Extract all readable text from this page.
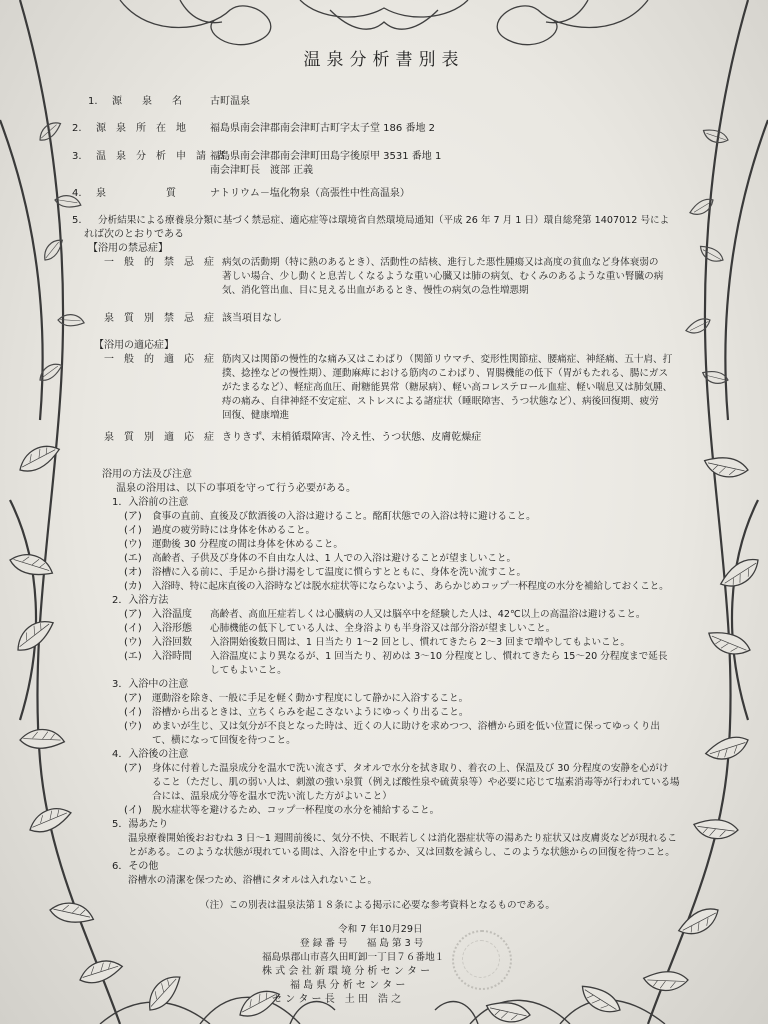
温泉分析書別表
1. 源　　泉　　名	古町温泉
2. 源　泉　所　在　地 福島県南会津郡南会津町古町字太子堂 186 番地 2
3. 温　泉　分　析　申　請　者
福島県南会津郡南会津町田島字後原甲 3531 番地 1
南会津町長　渡部 正義
4. 泉　　　　　　質	ナトリウム－塩化物泉（高張性中性高温泉）
5. 分析結果による療養泉分類に基づく禁忌症、適応症等は環境省自然環境局通知（平成 26 年 7 月 1 日）環自総発第 1407012 号によ
れば次のとおりである
【浴用の禁忌症】
一　般　的　禁　忌　症 病気の活動期（特に熱のあるとき）、活動性の結核、進行した悪性腫瘍又は高度の貧血など身体衰弱の
著しい場合、少し動くと息苦しくなるような重い心臓又は肺の病気、むくみのあるような重い腎臓の病
気、消化管出血、目に見える出血があるとき、慢性の病気の急性増悪期
泉　質　別　禁　忌　症 該当項目なし
【浴用の適応症】
一　般　的　適　応　症 筋肉又は関節の慢性的な痛み又はこわばり（関節リウマチ、変形性関節症、腰痛症、神経痛、五十肩、打
撲、捻挫などの慢性期）、運動麻痺における筋肉のこわばり、胃腸機能の低下（胃がもたれる、腸にガス
がたまるなど）、軽症高血圧、耐糖能異常（糖尿病）、軽い高コレステロール血症、軽い喘息又は肺気腫、
痔の痛み、自律神経不安定症、ストレスによる諸症状（睡眠障害、うつ状態など）、病後回復期、疲労
回復、健康増進
泉　質　別　適　応　症 きりきず、末梢循環障害、冷え性、うつ状態、皮膚乾燥症
浴用の方法及び注意
温泉の浴用は、以下の事項を守って行う必要がある。
1．入浴前の注意
(ア) 食事の直前、直後及び飲酒後の入浴は避けること。酩酊状態での入浴は特に避けること。
(イ) 過度の疲労時には身体を休めること。
(ウ) 運動後 30 分程度の間は身体を休めること。
(エ) 高齢者、子供及び身体の不自由な人は、1 人での入浴は避けることが望ましいこと。
(オ) 浴槽に入る前に、手足から掛け湯をして温度に慣らすとともに、身体を洗い流すこと。
(カ) 入浴時、特に起床直後の入浴時などは脱水症状等にならないよう、あらかじめコップ一杯程度の水分を補給しておくこと。
2．入浴方法
(ア) 入浴温度 高齢者、高血圧症若しくは心臓病の人又は脳卒中を経験した人は、42℃以上の高温浴は避けること。
(イ) 入浴形態 心肺機能の低下している人は、全身浴よりも半身浴又は部分浴が望ましいこと。
(ウ) 入浴回数 入浴開始後数日間は、1 日当たり 1～2 回とし、慣れてきたら 2～3 回まで増やしてもよいこと。
(エ) 入浴時間 入浴温度により異なるが、1 回当たり、初めは 3～10 分程度とし、慣れてきたら 15～20 分程度まで延長
してもよいこと。
3．入浴中の注意
(ア) 運動浴を除き、一般に手足を軽く動かす程度にして静かに入浴すること。
(イ) 浴槽から出るときは、立ちくらみを起こさないようにゆっくり出ること。
(ウ) めまいが生じ、又は気分が不良となった時は、近くの人に助けを求めつつ、浴槽から頭を低い位置に保ってゆっくり出
て、横になって回復を待つこと。
4．入浴後の注意
(ア) 身体に付着した温泉成分を温水で洗い流さず、タオルで水分を拭き取り、着衣の上、保温及び 30 分程度の安静を心がけ
ること（ただし、肌の弱い人は、刺激の強い泉質（例えば酸性泉や硫黄泉等）や必要に応じて塩素消毒等が行われている場
合には、温泉成分等を温水で洗い流した方がよいこと）
(イ) 脱水症状等を避けるため、コップ一杯程度の水分を補給すること。
5．湯あたり
温泉療養開始後おおむね 3 日～1 週間前後に、気分不快、不眠若しくは消化器症状等の湯あたり症状又は皮膚炎などが現れるこ
とがある。このような状態が現れている間は、入浴を中止するか、又は回数を減らし、このような状態からの回復を待つこと。
6．その他
浴槽水の清潔を保つため、浴槽にタオルは入れないこと。
（注）この別表は温泉法第１８条による掲示に必要な参考資料となるものである。
令和 7 年10月29日
登 録 番 号　　福 島 第 3 号
福島県郡山市喜久田町卸一丁目７６番地１
株 式 会 社 新 環 境 分 析 セ ン タ ー
福 島 県 分 析 セ ン タ ー
セ ン タ ー 長　土 田　浩 之
